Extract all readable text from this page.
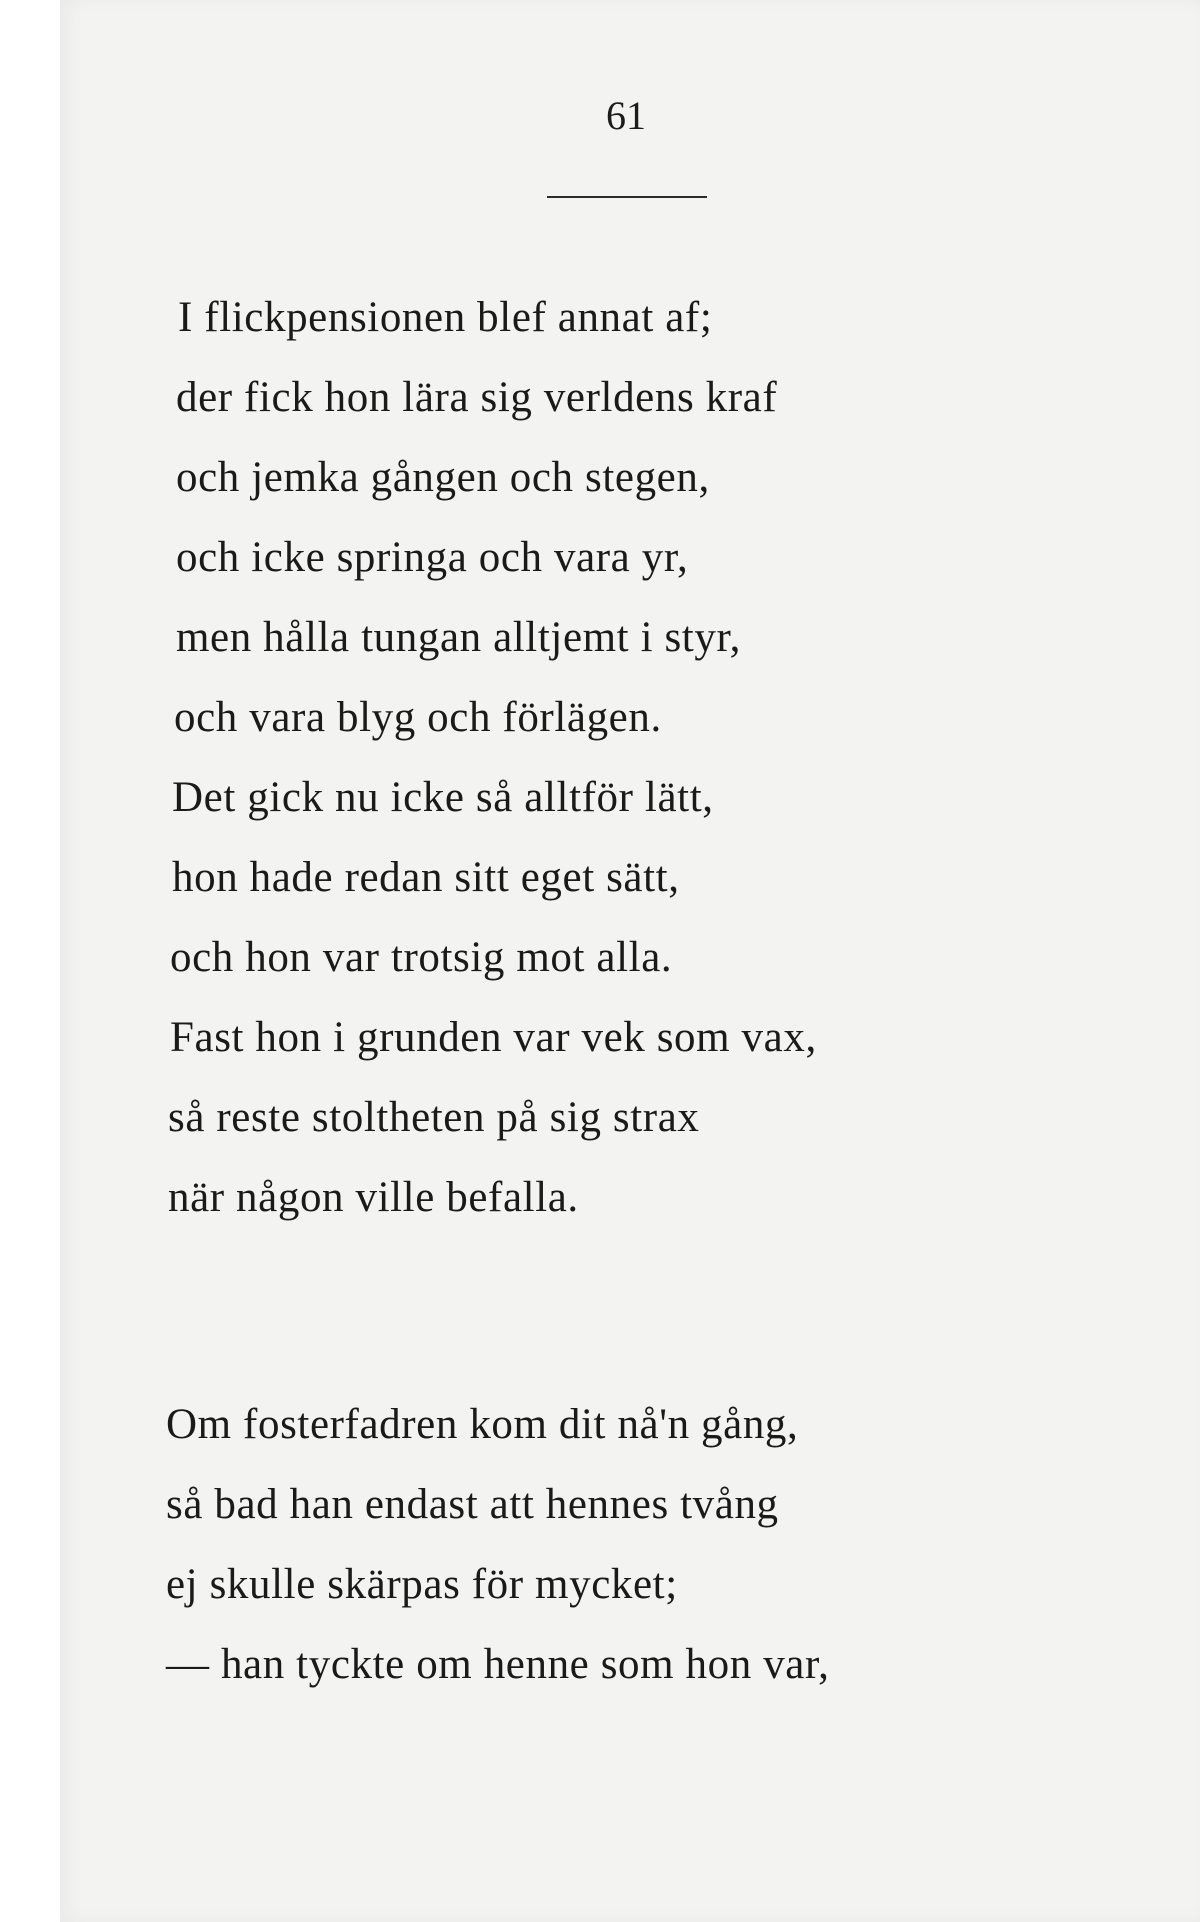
61
I flickpensionen blef annat af;
der fick hon lära sig verldens kraf
och jemka gången och stegen,
och icke springa och vara yr,
men hålla tungan alltjemt i styr,
och vara blyg och förlägen.
Det gick nu icke så alltför lätt,
hon hade redan sitt eget sätt,
och hon var trotsig mot alla.
Fast hon i grunden var vek som vax,
så reste stoltheten på sig strax
när någon ville befalla.
Om fosterfadren kom dit nå'n gång,
så bad han endast att hennes tvång
ej skulle skärpas för mycket;
— han tyckte om henne som hon var,
